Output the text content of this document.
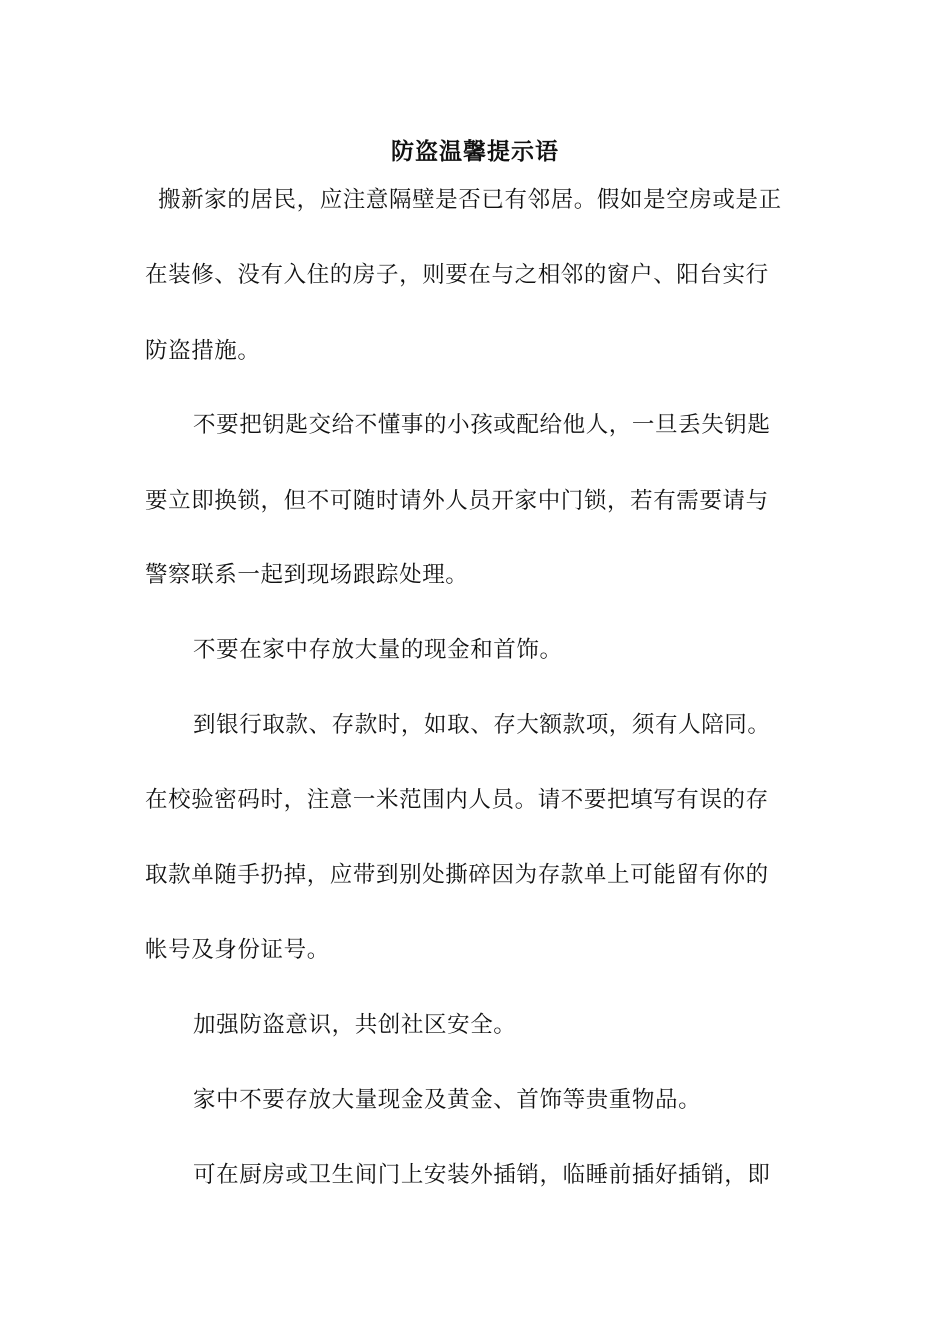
防盗温馨提示语
搬新家的居民，应注意隔壁是否已有邻居。假如是空房或是正
在装修、没有入住的房子，则要在与之相邻的窗户、阳台实行
防盗措施。
不要把钥匙交给不懂事的小孩或配给他人，一旦丢失钥匙
要立即换锁，但不可随时请外人员开家中门锁，若有需要请与
警察联系一起到现场跟踪处理。
不要在家中存放大量的现金和首饰。
到银行取款、存款时，如取、存大额款项，须有人陪同。
在校验密码时，注意一米范围内人员。请不要把填写有误的存
取款单随手扔掉，应带到别处撕碎因为存款单上可能留有你的
帐号及身份证号。
加强防盗意识，共创社区安全。
家中不要存放大量现金及黄金、首饰等贵重物品。
可在厨房或卫生间门上安装外插销，临睡前插好插销，即
